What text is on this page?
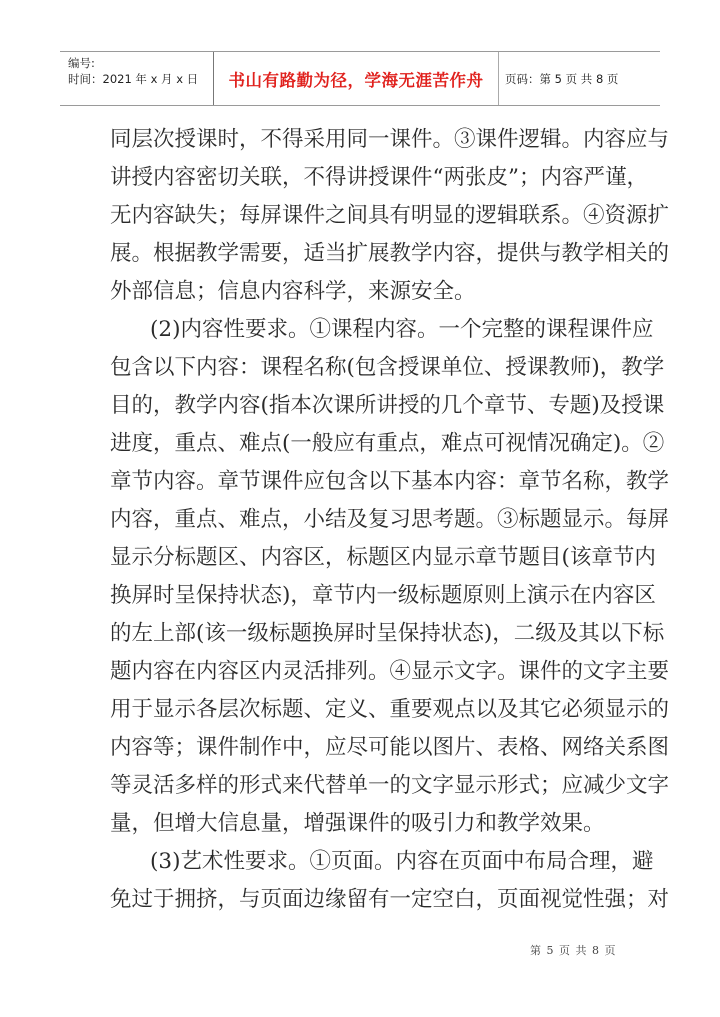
编号:
时间：2021 年 x 月 x 日 书山有路勤为径，学海无涯苦作舟 页码：第 5 页 共 8 页
同层次授课时，不得采用同一课件。③课件逻辑。内容应与
讲授内容密切关联，不得讲授课件“两张皮”；内容严谨，
无内容缺失；每屏课件之间具有明显的逻辑联系。④资源扩
展。根据教学需要，适当扩展教学内容，提供与教学相关的
外部信息；信息内容科学，来源安全。
(2)内容性要求。①课程内容。一个完整的课程课件应
包含以下内容：课程名称(包含授课单位、授课教师)，教学
目的，教学内容(指本次课所讲授的几个章节、专题)及授课
进度，重点、难点(一般应有重点，难点可视情况确定)。②
章节内容。章节课件应包含以下基本内容：章节名称，教学
内容，重点、难点，小结及复习思考题。③标题显示。每屏
显示分标题区、内容区，标题区内显示章节题目(该章节内
换屏时呈保持状态)，章节内一级标题原则上演示在内容区
的左上部(该一级标题换屏时呈保持状态)，二级及其以下标
题内容在内容区内灵活排列。④显示文字。课件的文字主要
用于显示各层次标题、定义、重要观点以及其它必须显示的
内容等；课件制作中，应尽可能以图片、表格、网络关系图
等灵活多样的形式来代替单一的文字显示形式；应减少文字
量，但增大信息量，增强课件的吸引力和教学效果。
(3)艺术性要求。①页面。内容在页面中布局合理，避
免过于拥挤，与页面边缘留有一定空白，页面视觉性强；对
第 5 页 共 8 页
